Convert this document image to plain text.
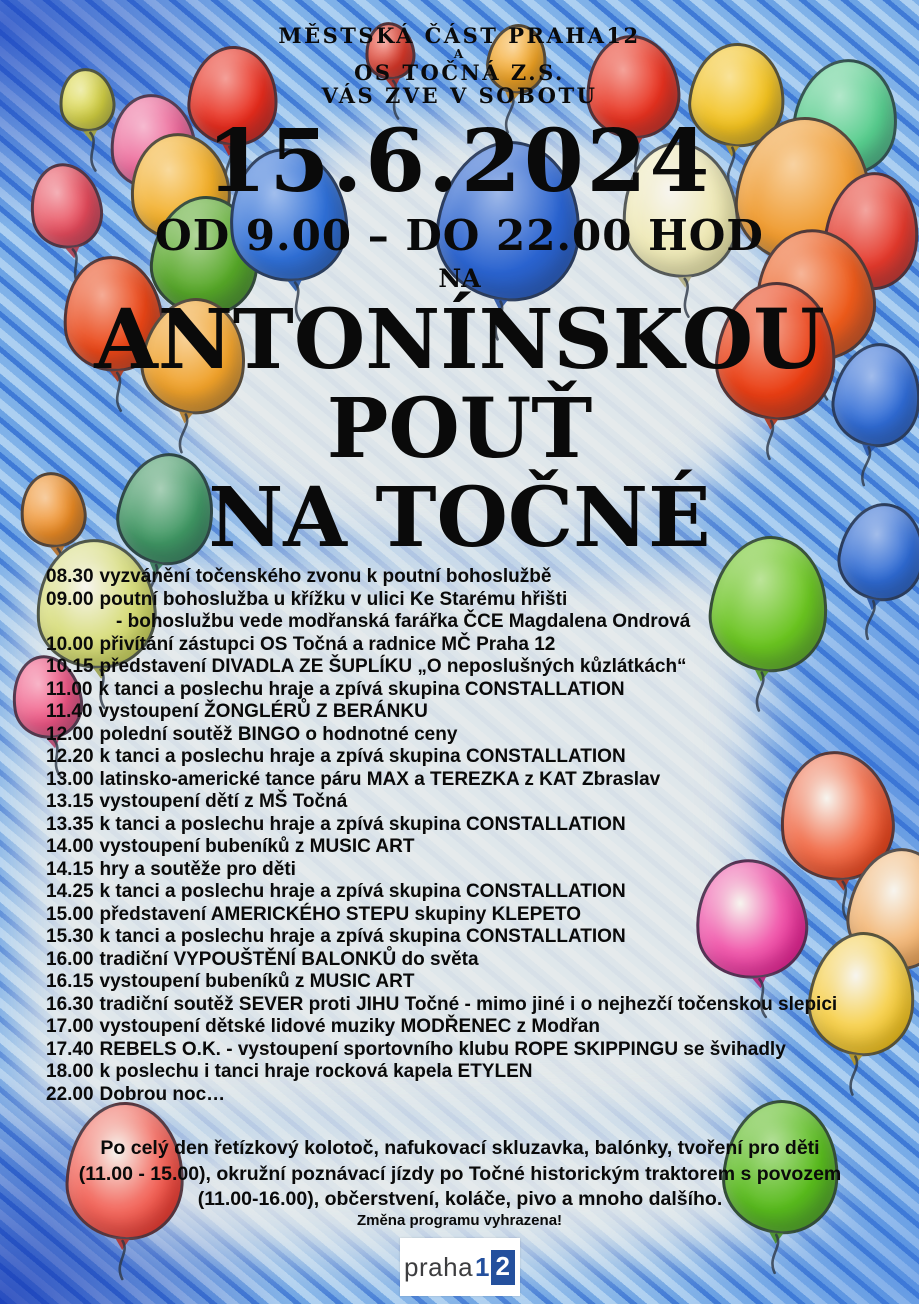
MĚSTSKÁ ČÁST PRAHA12
A
OS TOČNÁ Z.S.
VÁS ZVE V SOBOTU
15.6.2024
OD 9.00 – DO 22.00 HOD
NA
ANTONÍNSKOU
POUŤ
NA TOČNÉ
08.30 vyzvánění točenského zvonu k poutní bohoslužbě
09.00 poutní bohoslužba u křížku v ulici Ke Starému hřišti
- bohoslužbu vede modřanská farářka ČCE Magdalena Ondrová
10.00 přivítání zástupci OS Točná a radnice MČ Praha 12
10.15 představení DIVADLA ZE ŠUPLÍKU „O neposlušných kůzlátkách“
11.00 k tanci a poslechu hraje a zpívá skupina CONSTALLATION
11.40 vystoupení ŽONGLÉRŮ Z BERÁNKU
12.00 polední soutěž BINGO o hodnotné ceny
12.20 k tanci a poslechu hraje a zpívá skupina CONSTALLATION
13.00 latinsko-americké tance páru MAX a TEREZKA z KAT Zbraslav
13.15 vystoupení dětí z MŠ Točná
13.35 k tanci a poslechu hraje a zpívá skupina CONSTALLATION
14.00 vystoupení bubeníků z MUSIC ART
14.15 hry a soutěže pro děti
14.25 k tanci a poslechu hraje a zpívá skupina CONSTALLATION
15.00 představení AMERICKÉHO STEPU skupiny KLEPETO
15.30 k tanci a poslechu hraje a zpívá skupina CONSTALLATION
16.00 tradiční VYPOUŠTĚNÍ BALONKŮ do světa
16.15 vystoupení bubeníků z MUSIC ART
16.30 tradiční soutěž SEVER proti JIHU Točné - mimo jiné i o nejhezčí točenskou slepici
17.00 vystoupení dětské lidové muziky MODŘENEC z Modřan
17.40 REBELS O.K. - vystoupení sportovního klubu ROPE SKIPPINGU se švihadly
18.00 k poslechu i tanci hraje rocková kapela ETYLEN
22.00 Dobrou noc…
Po celý den řetízkový kolotoč, nafukovací skluzavka, balónky, tvoření pro děti
(11.00 - 15.00), okružní poznávací jízdy po Točné historickým traktorem s povozem
(11.00-16.00), občerstvení, koláče, pivo a mnoho dalšího.
Změna programu vyhrazena!
praha 1 2
